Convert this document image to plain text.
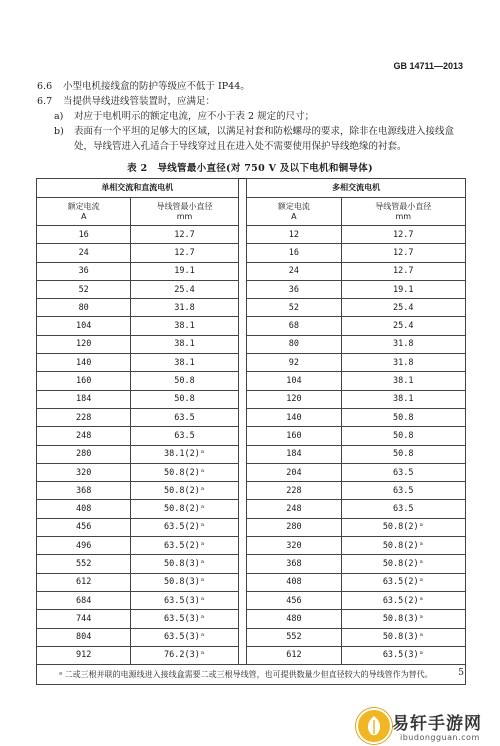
GB 14711—2013
6.6 小型电机接线盒的防护等级应不低于 IP44。
6.7 当提供导线进线管装置时，应满足：
a) 对应于电机明示的额定电流，应不小于表 2 规定的尺寸；
b) 表面有一个平坦的足够大的区域，以满足衬套和防松螺母的要求，除非在电源线进入接线盒
处，导线管进入孔适合于导线穿过且在进入处不需要使用保护导线绝缘的衬套。
表 2 导线管最小直径(对 750 V 及以下电机和铜导体)
单相交流和直流电机			多相交流电机	

额定电流
A	导线管最小直径
mm		额定电流
A	导线管最小直径
mm

16	12.7		12	12.7
24	12.7		16	12.7
36	19.1		24	12.7
52	25.4		36	19.1
80	31.8		52	25.4
104	38.1		68	25.4
120	38.1		80	31.8
140	38.1		92	31.8
160	50.8		104	38.1
184	50.8		120	38.1
228	63.5		140	50.8
248	63.5		160	50.8
280	38.1(2)ᵃ		184	50.8
320	50.8(2)ᵃ		204	63.5
368	50.8(2)ᵃ		228	63.5
408	50.8(2)ᵃ		248	63.5
456	63.5(2)ᵃ		280	50.8(2)ᵃ
496	63.5(2)ᵃ		320	50.8(2)ᵃ
552	50.8(3)ᵃ		368	50.8(2)ᵃ
612	50.8(3)ᵃ		408	63.5(2)ᵃ
684	63.5(3)ᵃ		456	63.5(2)ᵃ
744	63.5(3)ᵃ		480	50.8(3)ᵃ
804	63.5(3)ᵃ		552	50.8(3)ᵃ
912	76.2(3)ᵃ		612	63.5(3)ᵃ
ᵃ 二或三根并联的电源线进入接线盒需要二或三根导线管，也可提供数量少但直径较大的导线管作为替代。					5
易轩手游网
ibudongguan.com
